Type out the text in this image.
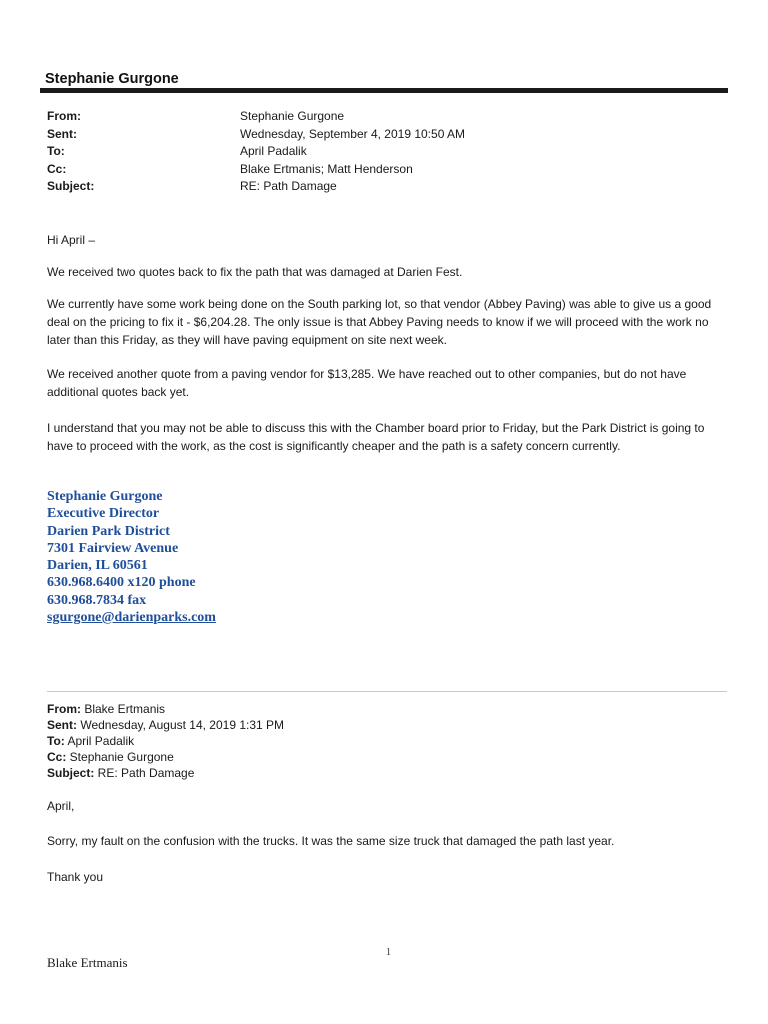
Stephanie Gurgone
From:	Stephanie Gurgone
Sent:	Wednesday, September 4, 2019 10:50 AM
To:	April Padalik
Cc:	Blake Ertmanis; Matt Henderson
Subject:	RE: Path Damage

Hi April –

We received two quotes back to fix the path that was damaged at Darien Fest.

We currently have some work being done on the South parking lot, so that vendor (Abbey Paving) was able to give us a good deal on the pricing to fix it - $6,204.28. The only issue is that Abbey Paving needs to know if we will proceed with the work no later than this Friday, as they will have paving equipment on site next week.

We received another quote from a paving vendor for $13,285. We have reached out to other companies, but do not have additional quotes back yet.

I understand that you may not be able to discuss this with the Chamber board prior to Friday, but the Park District is going to have to proceed with the work, as the cost is significantly cheaper and the path is a safety concern currently.

Stephanie Gurgone
Executive Director
Darien Park District
7301 Fairview Avenue
Darien, IL 60561
630.968.6400 x120 phone
630.968.7834 fax
sgurgone@darienparks.com
From: Blake Ertmanis
Sent: Wednesday, August 14, 2019 1:31 PM
To: April Padalik
Cc: Stephanie Gurgone
Subject: RE: Path Damage

April,

Sorry, my fault on the confusion with the trucks. It was the same size truck that damaged the path last year.

Thank you

Blake Ertmanis
1
